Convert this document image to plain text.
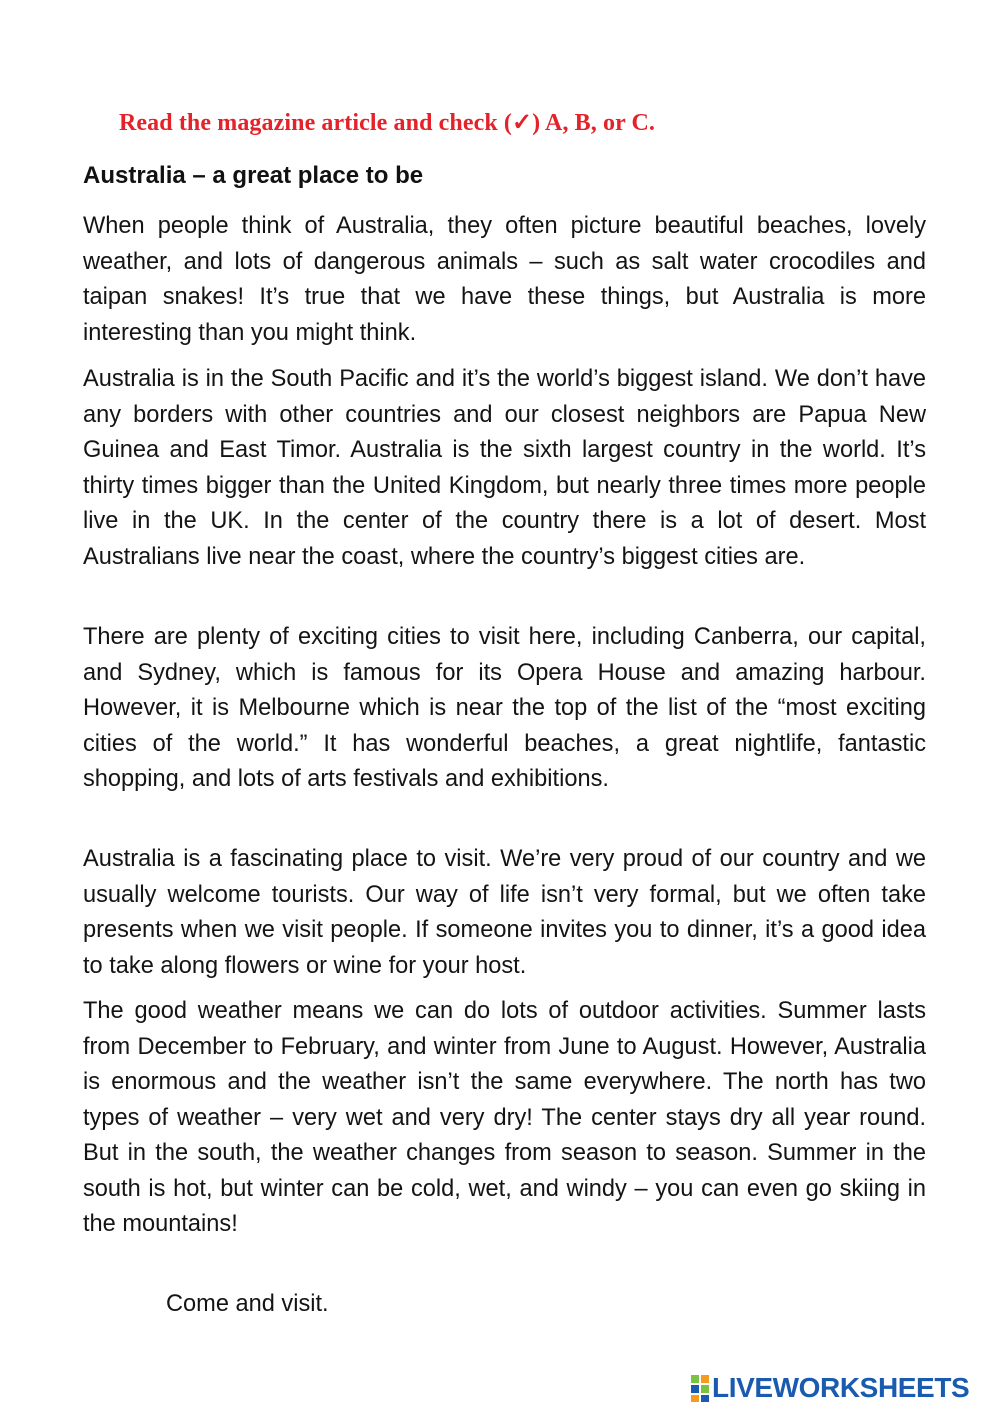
Read the magazine article and check (✓) A, B, or C.
Australia – a great place to be

When people think of Australia, they often picture beautiful beaches, lovely weather, and lots of dangerous animals – such as salt water crocodiles and taipan snakes! It’s true that we have these things, but Australia is more interesting than you might think.

Australia is in the South Pacific and it’s the world’s biggest island. We don’t have any borders with other countries and our closest neighbors are Papua New Guinea and East Timor. Australia is the sixth largest country in the world. It’s thirty times bigger than the United Kingdom, but nearly three times more people live in the UK. In the center of the country there is a lot of desert. Most Australians live near the coast, where the country’s biggest cities are.

There are plenty of exciting cities to visit here, including Canberra, our capital, and Sydney, which is famous for its Opera House and amazing harbour. However, it is Melbourne which is near the top of the list of the “most exciting cities of the world.” It has wonderful beaches, a great nightlife, fantastic shopping, and lots of arts festivals and exhibitions.

Australia is a fascinating place to visit. We’re very proud of our country and we usually welcome tourists. Our way of life isn’t very formal, but we often take presents when we visit people. If someone invites you to dinner, it’s a good idea to take along flowers or wine for your host.

The good weather means we can do lots of outdoor activities. Summer lasts from December to February, and winter from June to August. However, Australia is enormous and the weather isn’t the same everywhere. The north has two types of weather – very wet and very dry! The center stays dry all year round. But in the south, the weather changes from season to season. Summer in the south is hot, but winter can be cold, wet, and windy – you can even go skiing in the mountains!

Come and visit.
LIVEWORKSHEETS
